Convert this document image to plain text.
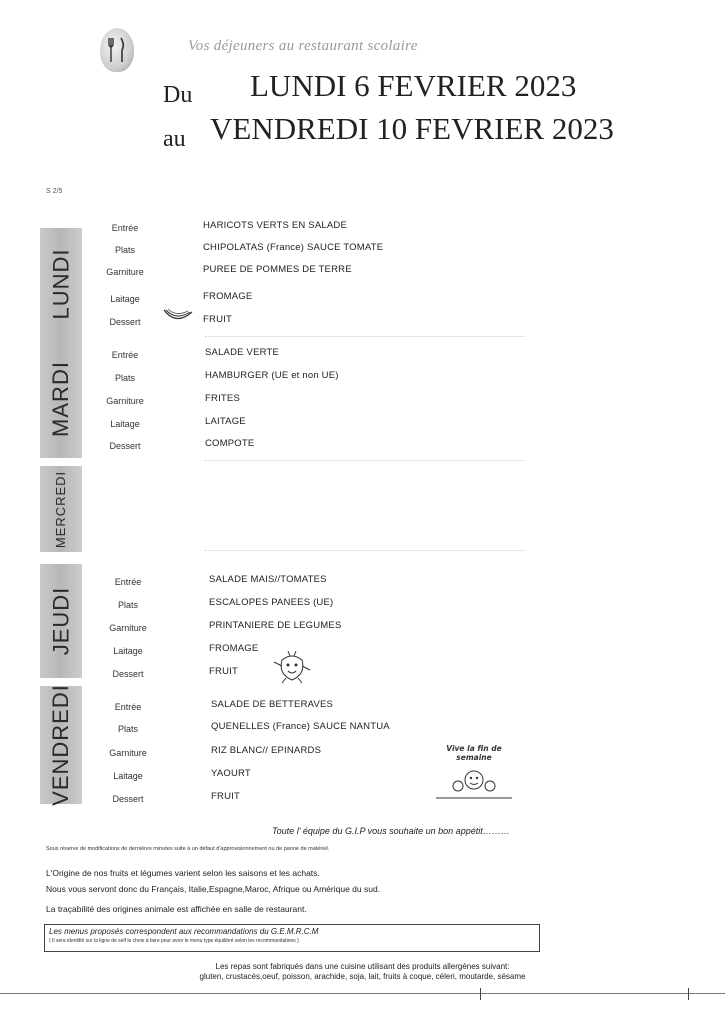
Vos déjeuners au restaurant scolaire
Du LUNDI 6 FEVRIER 2023
au VENDREDI 10 FEVRIER 2023
S 2/5
LUNDI
Entrée	HARICOTS VERTS EN SALADE
Plats	CHIPOLATAS (France) SAUCE TOMATE
Garniture	PUREE DE POMMES DE TERRE
Laitage	FROMAGE
Dessert	FRUIT
MARDI
Entrée	SALADE VERTE
Plats	HAMBURGER (UE et non UE)
Garniture	FRITES
Laitage	LAITAGE
Dessert	COMPOTE
MERCREDI
JEUDI
Entrée	SALADE MAIS//TOMATES
Plats	ESCALOPES PANEES (UE)
Garniture	PRINTANIERE DE LEGUMES
Laitage	FROMAGE
Dessert	FRUIT
VENDREDI	Entrée	SALADE DE BETTERAVES
Plats	QUENELLES (France) SAUCE NANTUA
Garniture	RIZ BLANC// EPINARDS
Laitage	YAOURT
Dessert	FRUIT
Vive la fin de semaine
Toute l' équipe du G.I.P vous souhaite un bon appétit………
Sous réserve de modifications de dernières minutes suite à un défaut d'approvisionnement ou de panne de matériel.
L'Origine de nos fruits et légumes varient selon les saisons et les achats.
Nous vous servont donc du Français, Italie,Espagne,Maroc, Afrique ou Amérique du sud.
La traçabilité des origines animale est affichée en salle de restaurant.
Les menus proposés correspondent aux recommandations du G.E.M.R.C.M
( Il sera identifié sur la ligne de self le choix à faire pour avoir le menu type équilibré selon les recommandations )
Les repas sont fabriqués dans une cuisine utilisant des produits allergènes suivant:
gluten, crustacés,oeuf, poisson, arachide, soja, lait, fruits à coque, céleri, moutarde, sésame
